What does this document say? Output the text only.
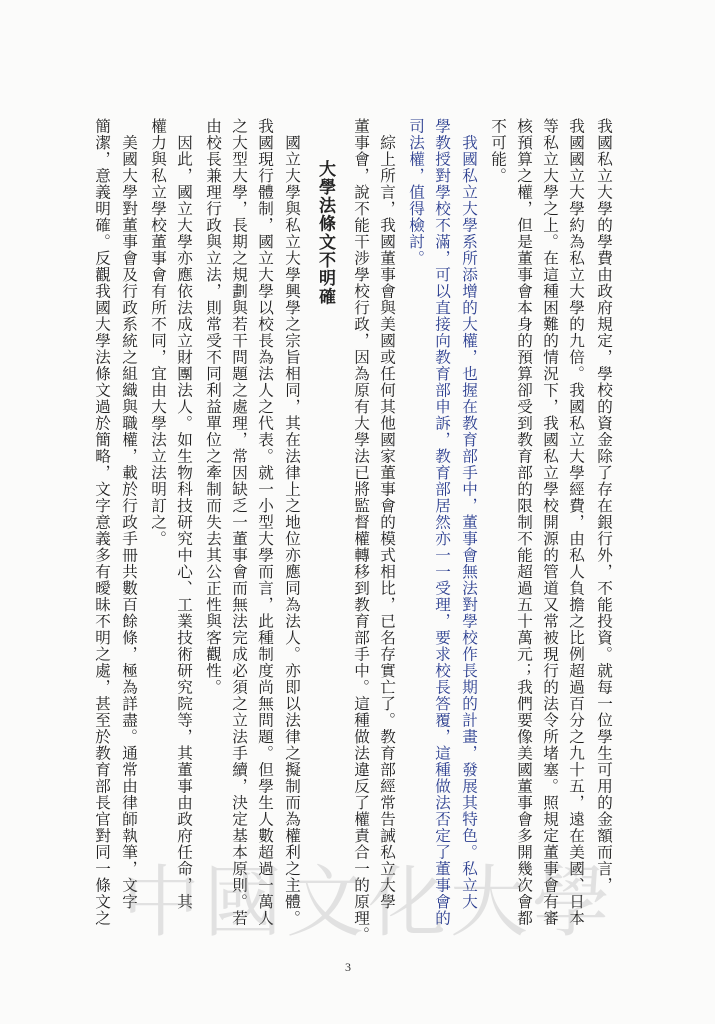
我國私立大學的學費由政府規定，學校的資金除了存在銀行外，不能投資。就每一位學生可用的金額而言，
我國國立大學約為私立大學的九倍。我國私立大學經費，由私人負擔之比例超過百分之九十五，遠在美國、日本
等私立大學之上。在這種困難的情況下，我國私立學校開源的管道又常被現行的法令所堵塞。照規定董事會有審
核預算之權，但是董事會本身的預算卻受到教育部的限制不能超過五十萬元；我們要像美國董事會多開幾次會都
不可能。
　我國私立大學系所添增的大權，也握在教育部手中，董事會無法對學校作長期的計畫，發展其特色。私立大
學教授對學校不滿，可以直接向教育部申訴，教育部居然亦一一受理，要求校長答覆，這種做法否定了董事會的
司法權，值得檢討。
　綜上所言，我國董事會與美國或任何其他國家董事會的模式相比，已名存實亡了。教育部經常告誡私立大學
董事會，說不能干涉學校行政，因為原有大學法已將監督權轉移到教育部手中。這種做法違反了權責合一的原理。
　國立大學與私立大學興學之宗旨相同，其在法律上之地位亦應同為法人。亦即以法律之擬制而為權利之主體。
我國現行體制，國立大學以校長為法人之代表。就一小型大學而言，此種制度尚無問題。但學生人數超過一萬人
之大型大學，長期之規劃與若干問題之處理，常因缺乏一董事會而無法完成必須之立法手續，決定基本原則。若
由校長兼理行政與立法，則常受不同利益單位之牽制而失去其公正性與客觀性。
　因此，國立大學亦應依法成立財團法人。如生物科技研究中心、工業技術研究院等，其董事由政府任命，其
權力與私立學校董事會有所不同，宜由大學法立法明訂之。
　美國大學對董事會及行政系統之組織與職權，載於行政手冊共數百餘條，極為詳盡。通常由律師執筆，文字
簡潔，意義明確。反觀我國大學法條文過於簡略，文字意義多有曖昧不明之處，甚至於教育部長官對同一條文之	大學法條文不明確
3
中國文化大學
